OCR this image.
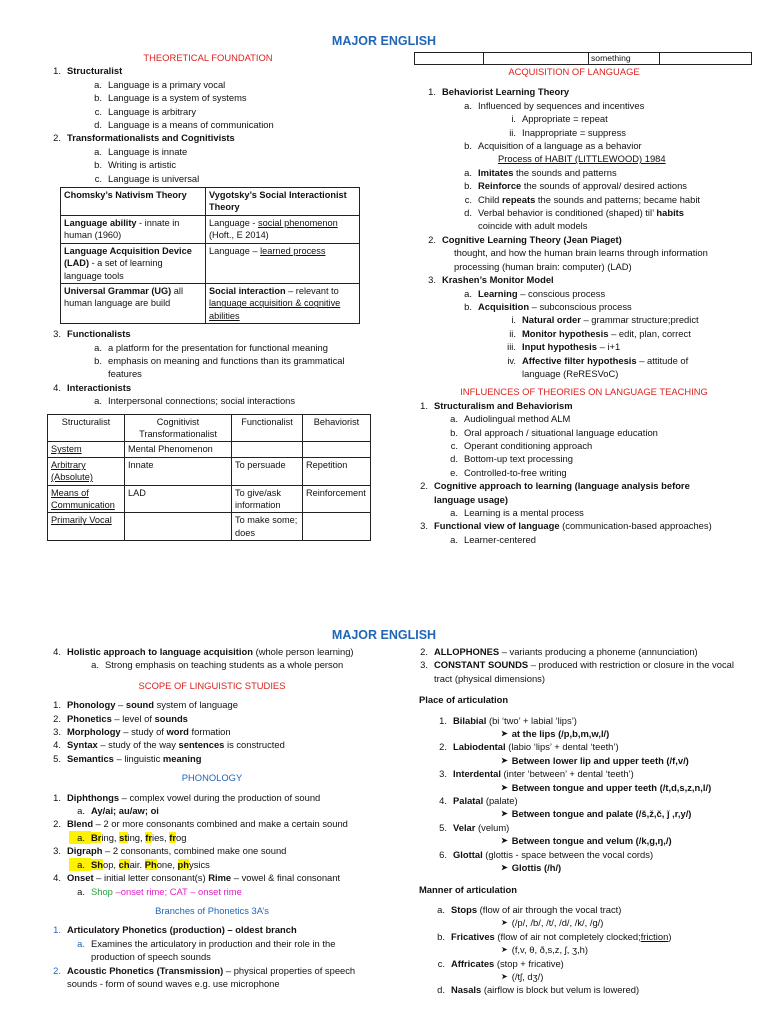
MAJOR ENGLISH
THEORETICAL FOUNDATION
1. Structuralist
a. Language is a primary vocal
b. Language is a system of systems
c. Language is arbitrary
d. Language is a means of communication
2. Transformationalists and Cognitivists
a. Language is innate
b. Writing is artistic
c. Language is universal
Chomsky’s Nativism Theory	Vygotsky’s Social Interactionist Theory
Language ability - innate in human (1960)	Language - social phenomenon (Hoft., E 2014)
Language Acquisition Device (LAD) - a set of learning language tools	Language – learned process
Universal Grammar (UG) all human language are build	Social interaction – relevant to language acquisition & cognitive abilities
3. Functionalists
a. a platform for the presentation for functional meaning
b. emphasis on meaning and functions than its grammatical features
4. Interactionists
a. Interpersonal connections; social interactions
Structuralist	Cognitivist Transformationalist	Functionalist	Behaviorist
System	Mental Phenomenon		
Arbitrary (Absolute)	Innate	To persuade	Repetition
Means of Communication	LAD	To give/ask information	Reinforcement
Primarily Vocal		To make some; does	
		something	
ACQUISITION OF LANGUAGE
1. Behaviorist Learning Theory
a. Influenced by sequences and incentives
i. Appropriate = repeat
ii. Inappropriate = suppress
b. Acquisition of a language as a behavior
Process of HABIT (LITTLEWOOD) 1984
a. Imitates the sounds and patterns
b. Reinforce the sounds of approval/ desired actions
c. Child repeats the sounds and patterns; became habit
d. Verbal behavior is conditioned (shaped) til’ habits
coincide with adult models
2. Cognitive Learning Theory (Jean Piaget)
thought, and how the human brain learns through information processing (human brain: computer) (LAD)
3. Krashen’s Monitor Model
a. Learning – conscious process
b. Acquisition – subconscious process
i. Natural order – grammar structure;predict
ii. Monitor hypothesis – edit, plan, correct
iii. Input hypothesis – i+1
iv. Affective filter hypothesis – attitude of language (ReRESVoC)
INFLUENCES OF THEORIES ON LANGUAGE TEACHING
1. Structuralism and Behaviorism
a. Audiolingual method ALM
b. Oral approach / situational language education
c. Operant conditioning approach
d. Bottom-up text processing
e. Controlled-to-free writing
2. Cognitive approach to learning (language analysis before language usage)
a. Learning is a mental process
3. Functional view of language (communication-based approaches)
a. Learner-centered
MAJOR ENGLISH
4. Holistic approach to language acquisition (whole person learning)
a. Strong emphasis on teaching students as a whole person
SCOPE OF LINGUISTIC STUDIES
1. Phonology – sound system of language
2. Phonetics – level of sounds
3. Morphology – study of word formation
4. Syntax – study of the way sentences is constructed
5. Semantics – linguistic meaning
PHONOLOGY
1. Diphthongs – complex vowel during the production of sound
a. Ay/ai; au/aw; oi
2. Blend – 2 or more consonants combined and make a certain sound
a. Bring, sting, fries, frog
3. Digraph – 2 consonants, combined make one sound
a. Shop, chair. Phone, physics
4. Onset – initial letter consonant(s) Rime – vowel & final consonant
a. Shop –onset rime; CAT – onset rime
Branches of Phonetics 3A’s
1. Articulatory Phonetics (production) – oldest branch
a. Examines the articulatory in production and their role in the production of speech sounds
2. Acoustic Phonetics (Transmission) – physical properties of speech sounds - form of sound waves e.g. use microphone
2. ALLOPHONES – variants producing a phoneme (annunciation)
3. CONSTANT SOUNDS – produced with restriction or closure in the vocal tract (physical dimensions)
Place of articulation
1. Bilabial (bi ‘two’ + labial ‘lips’)
➤ at the lips (/p,b,m,w,l/)
2. Labiodental (labio ‘lips’ + dental ‘teeth’)
➤ Between lower lip and upper teeth (/f,v/)
3. Interdental (inter ‘between’ + dental ‘teeth’)
➤ Between tongue and upper teeth (/t,d,s,z,n,l/)
4. Palatal (palate)
➤ Between tongue and palate (/š,ž,č, ǰ ,r,y/)
5. Velar (velum)
➤ Between tongue and velum (/k,g,ŋ,/)
6. Glottal (glottis - space between the vocal cords)
➤ Glottis (/h/)
Manner of articulation
a. Stops (flow of air through the vocal tract)
➤ (/p/, /b/, /t/, /d/, /k/, /g/)
b. Fricatives (flow of air not completely clocked;friction)
➤ (f,v, θ, ð,s,z, ʃ, ʒ,h)
c. Affricates (stop + fricative)
➤ (/tʃ, dʒ/)
d. Nasals (airflow is block but velum is lowered)
